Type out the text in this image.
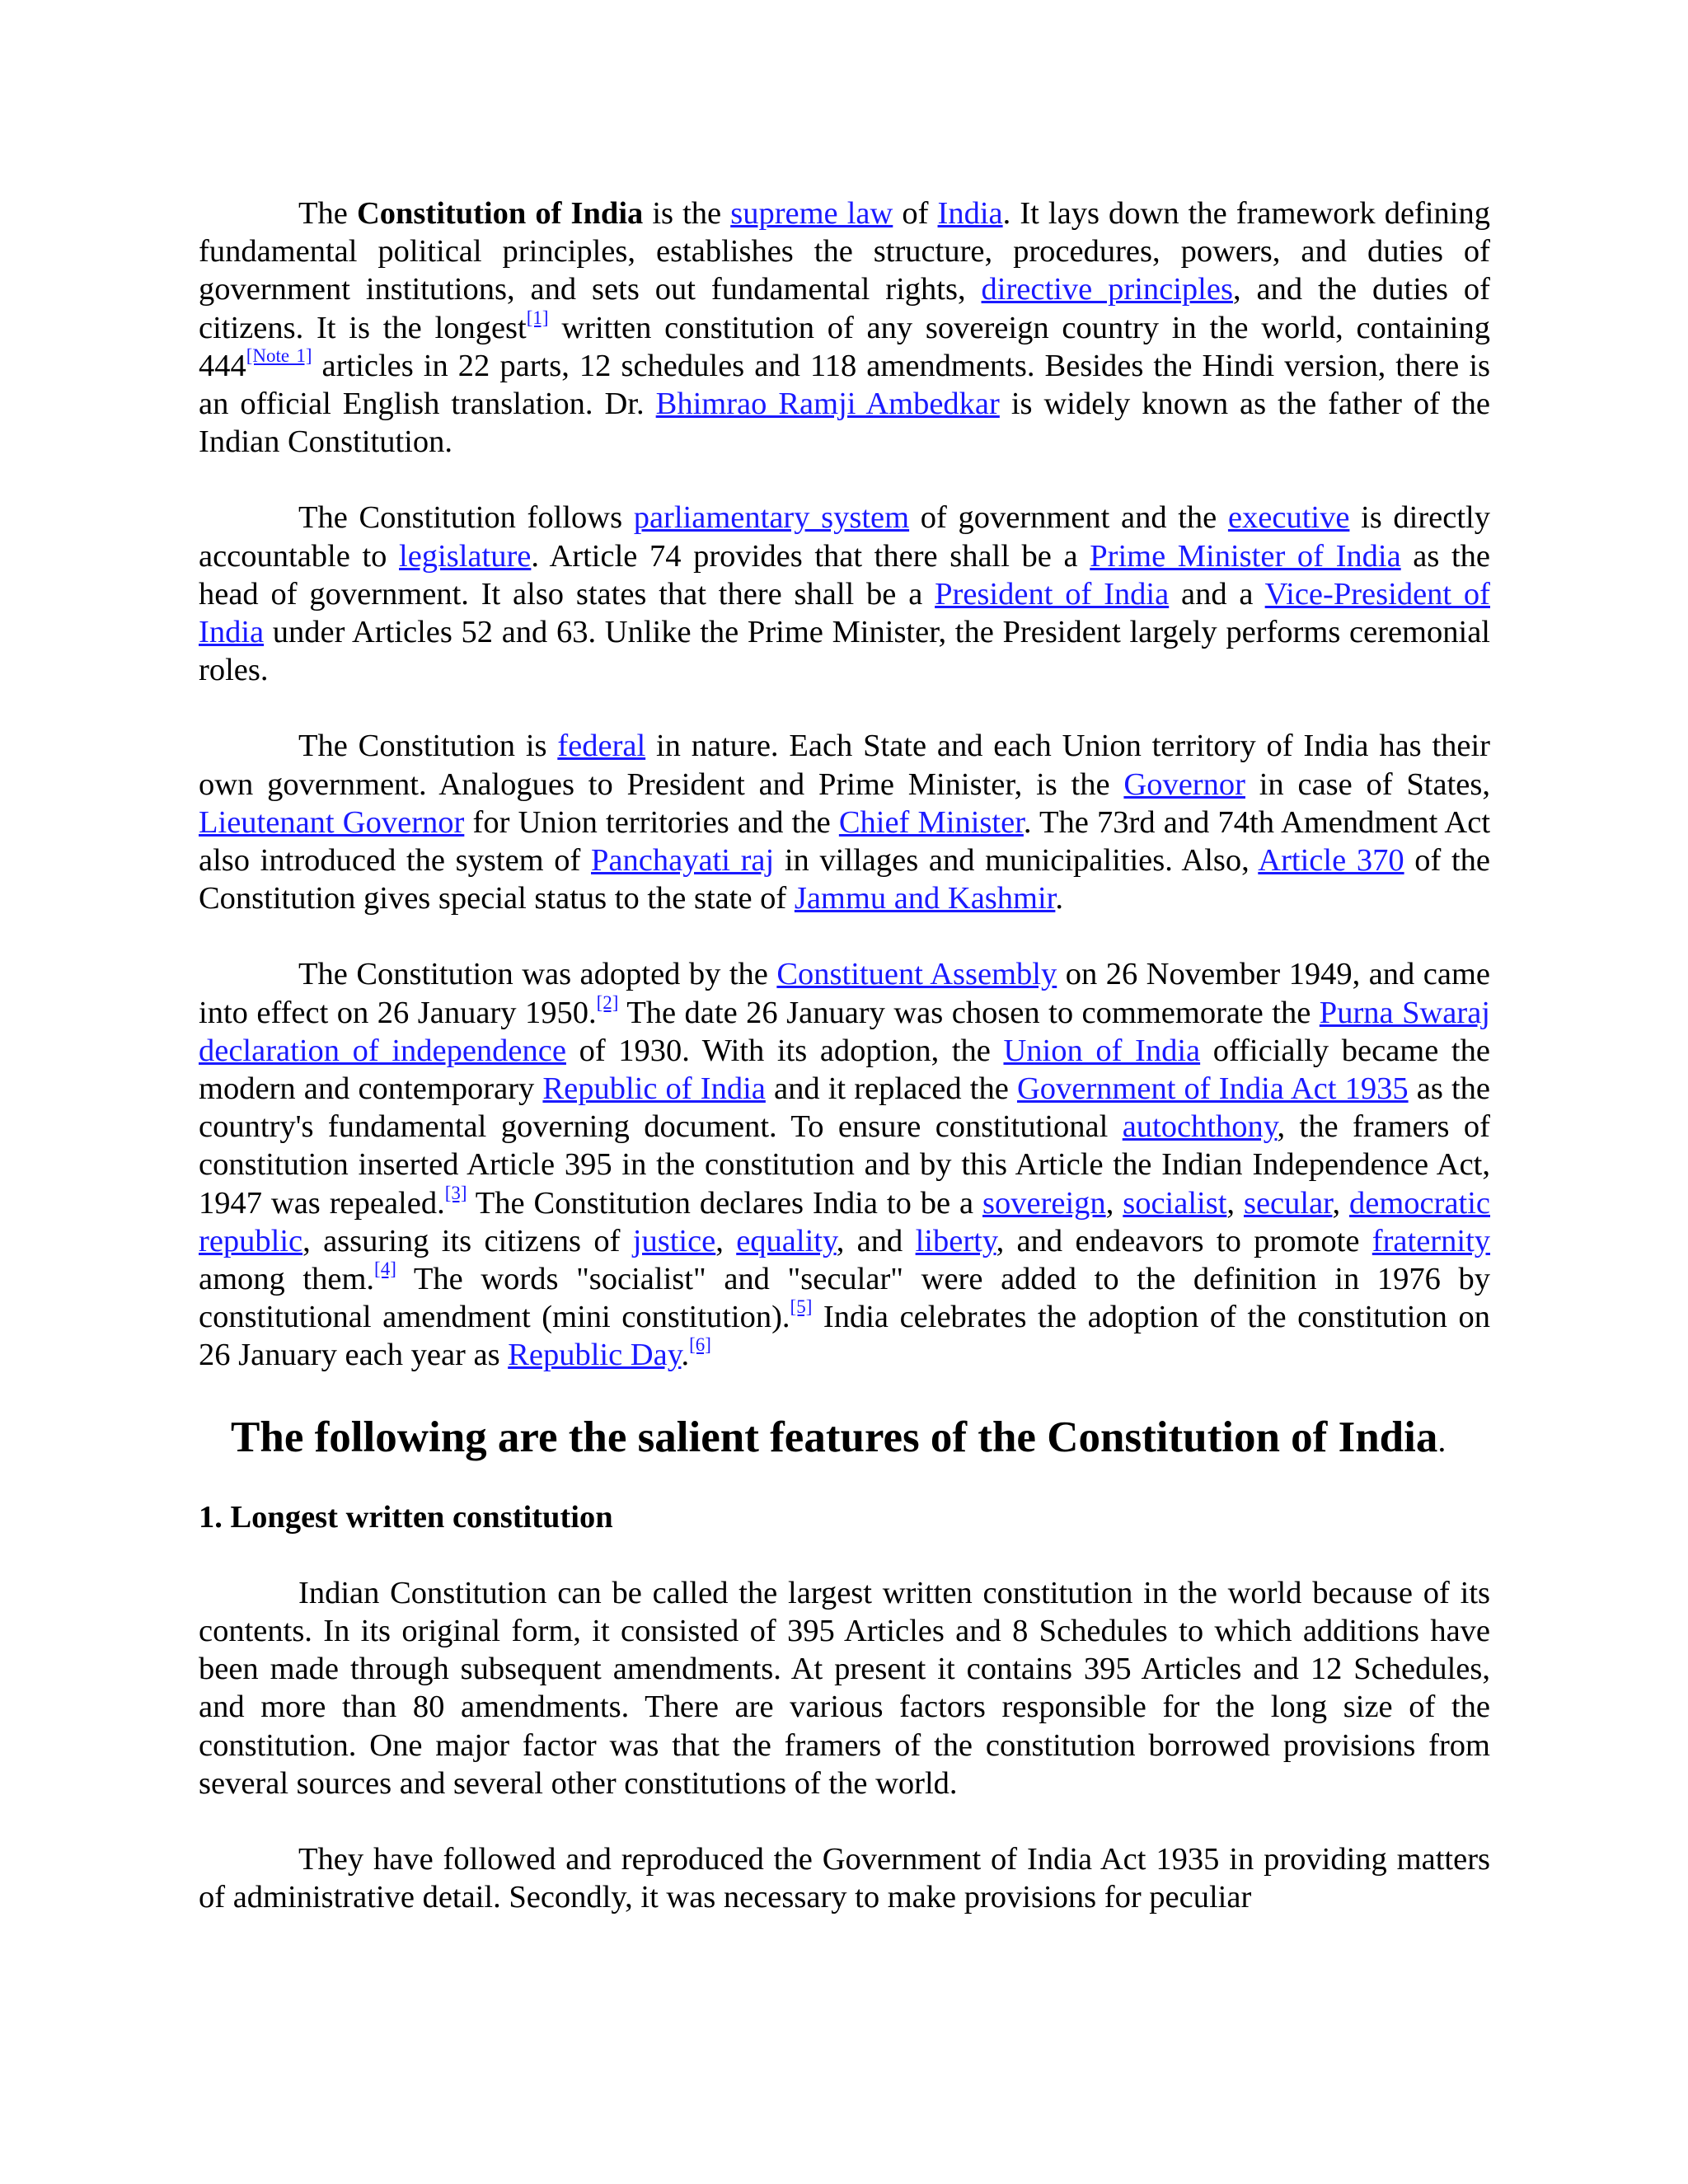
The Constitution of India is the supreme law of India. It lays down the framework defining fundamental political principles, establishes the structure, procedures, powers, and duties of government institutions, and sets out fundamental rights, directive principles, and the duties of citizens. It is the longest[1] written constitution of any sovereign country in the world, containing 444[Note 1] articles in 22 parts, 12 schedules and 118 amendments. Besides the Hindi version, there is an official English translation. Dr. Bhimrao Ramji Ambedkar is widely known as the father of the Indian Constitution.

The Constitution follows parliamentary system of government and the executive is directly accountable to legislature. Article 74 provides that there shall be a Prime Minister of India as the head of government. It also states that there shall be a President of India and a Vice-President of India under Articles 52 and 63. Unlike the Prime Minister, the President largely performs ceremonial roles.

The Constitution is federal in nature. Each State and each Union territory of India has their own government. Analogues to President and Prime Minister, is the Governor in case of States, Lieutenant Governor for Union territories and the Chief Minister. The 73rd and 74th Amendment Act also introduced the system of Panchayati raj in villages and municipalities. Also, Article 370 of the Constitution gives special status to the state of Jammu and Kashmir.

The Constitution was adopted by the Constituent Assembly on 26 November 1949, and came into effect on 26 January 1950.[2] The date 26 January was chosen to commemorate the Purna Swaraj declaration of independence of 1930. With its adoption, the Union of India officially became the modern and contemporary Republic of India and it replaced the Government of India Act 1935 as the country's fundamental governing document. To ensure constitutional autochthony, the framers of constitution inserted Article 395 in the constitution and by this Article the Indian Independence Act, 1947 was repealed.[3] The Constitution declares India to be a sovereign, socialist, secular, democratic republic, assuring its citizens of justice, equality, and liberty, and endeavors to promote fraternity among them.[4] The words "socialist" and "secular" were added to the definition in 1976 by constitutional amendment (mini constitution).[5] India celebrates the adoption of the constitution on 26 January each year as Republic Day.[6]

The following are the salient features of the Constitution of India.
1. Longest written constitution

Indian Constitution can be called the largest written constitution in the world because of its contents. In its original form, it consisted of 395 Articles and 8 Schedules to which additions have been made through subsequent amendments. At present it contains 395 Articles and 12 Schedules, and more than 80 amendments. There are various factors responsible for the long size of the constitution. One major factor was that the framers of the constitution borrowed provisions from several sources and several other constitutions of the world.

They have followed and reproduced the Government of India Act 1935 in providing matters of administrative detail. Secondly, it was necessary to make provisions for peculiar
